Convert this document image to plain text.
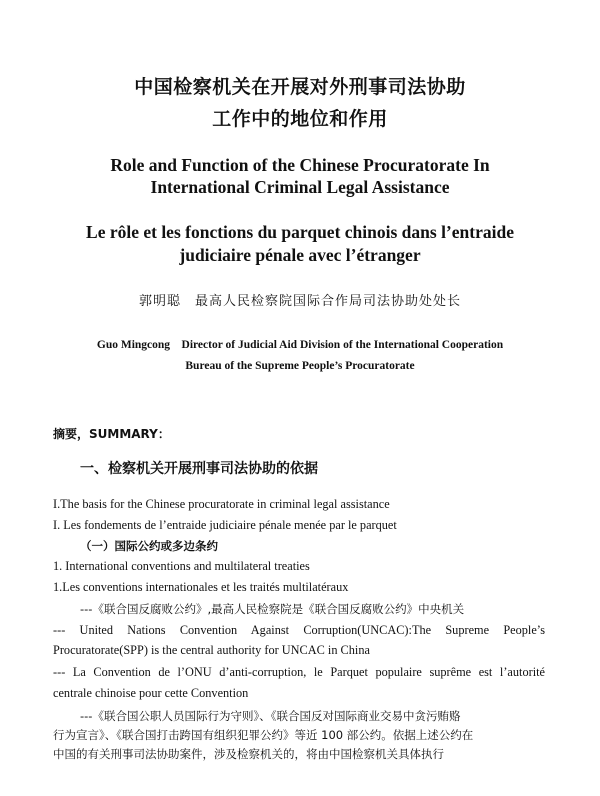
中国检察机关在开展对外刑事司法协助
工作中的地位和作用
Role and Function of the Chinese Procuratorate In
International Criminal Legal Assistance
Le rôle et les fonctions du parquet chinois dans l’entraide
judiciaire pénale avec l’étranger
郭明聪　最高人民检察院国际合作局司法协助处处长
Guo Mingcong　Director of Judicial Aid Division of the International Cooperation
Bureau of the Supreme People’s Procuratorate
摘要，SUMMARY：
一、检察机关开展刑事司法协助的依据
I.The basis for the Chinese procuratorate in criminal legal assistance
I. Les fondements de l’entraide judiciaire pénale menée par le parquet
（一）国际公约或多边条约
1. International conventions and multilateral treaties
1.Les conventions internationales et les traités multilatéraux
---《联合国反腐败公约》,最高人民检察院是《联合国反腐败公约》中央机关
--- United Nations Convention Against Corruption(UNCAC):The Supreme People’s
Procuratorate(SPP) is the central authority for UNCAC in China
--- La Convention de l’ONU d’anti-corruption, le Parquet populaire suprême est l’autorité
centrale chinoise pour cette Convention
---《联合国公职人员国际行为守则》、《联合国反对国际商业交易中贪污贿赂
行为宣言》、《联合国打击跨国有组织犯罪公约》等近 100 部公约。依据上述公约在
中国的有关刑事司法协助案件，涉及检察机关的，将由中国检察机关具体执行
